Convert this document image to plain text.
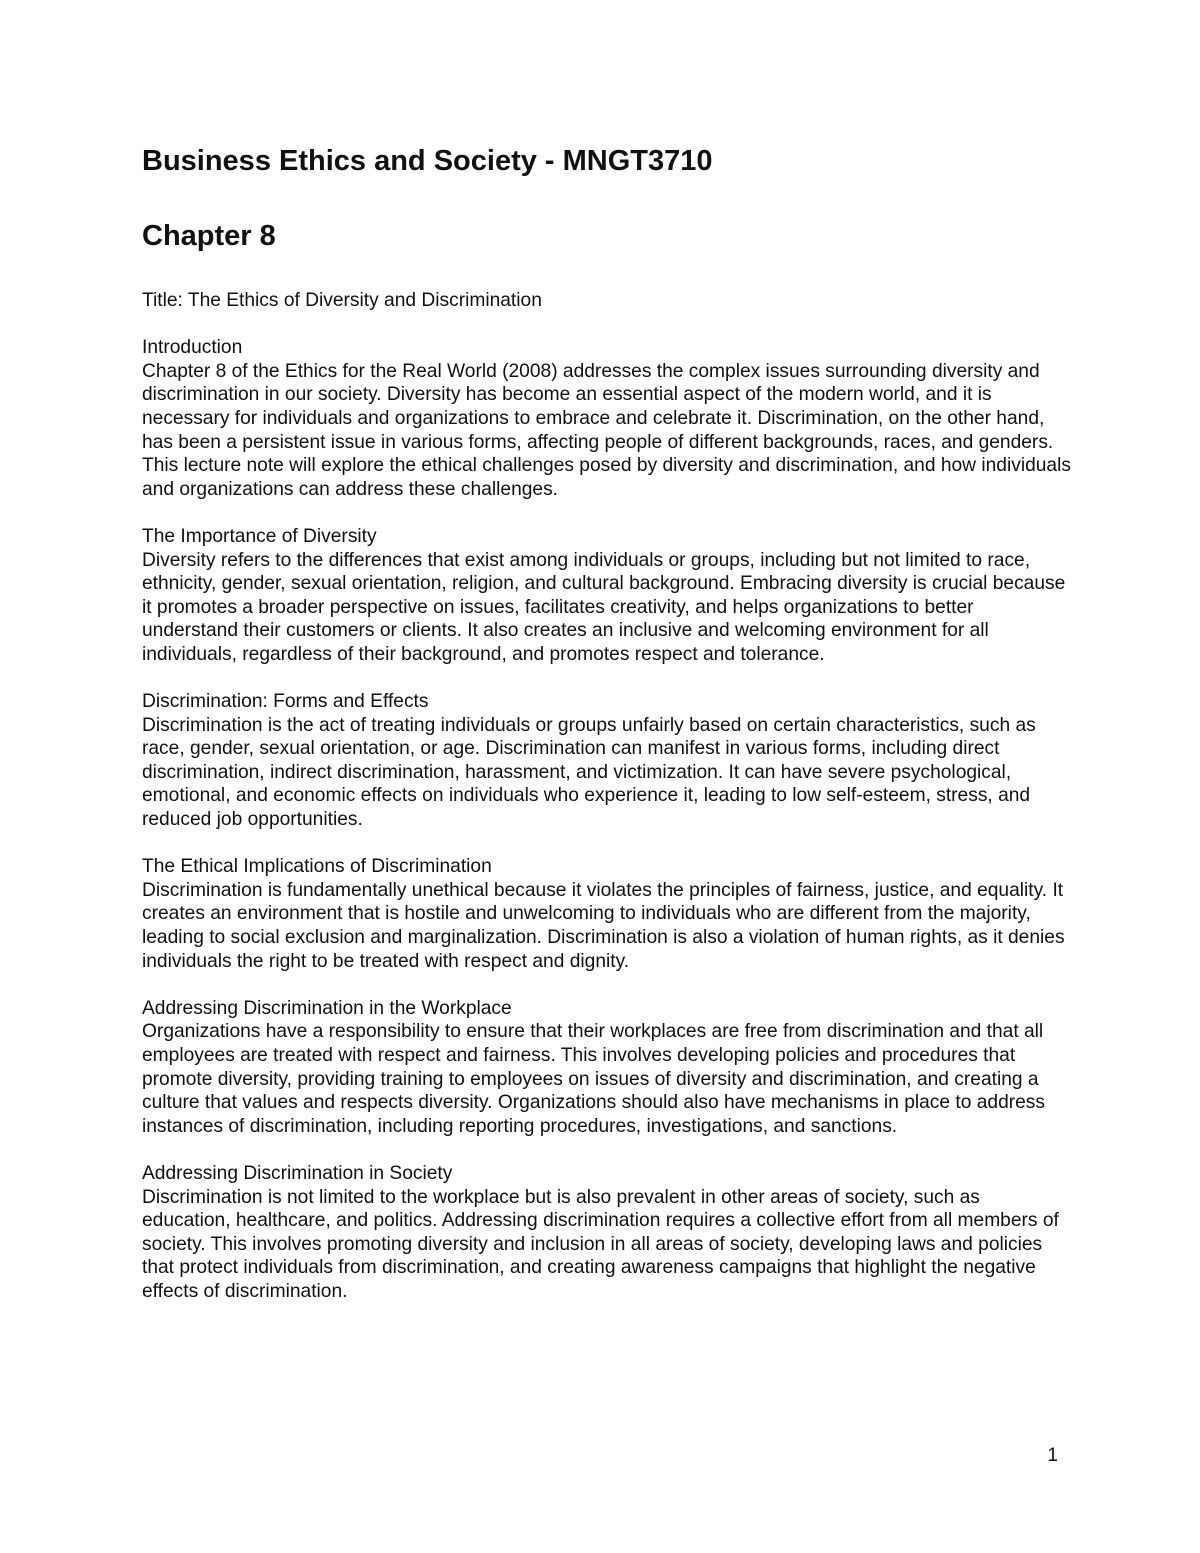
Business Ethics and Society - MNGT3710
Chapter 8

Title: The Ethics of Diversity and Discrimination

Introduction

Chapter 8 of the Ethics for the Real World (2008) addresses the complex issues surrounding diversity and discrimination in our society. Diversity has become an essential aspect of the modern world, and it is necessary for individuals and organizations to embrace and celebrate it. Discrimination, on the other hand, has been a persistent issue in various forms, affecting people of different backgrounds, races, and genders. This lecture note will explore the ethical challenges posed by diversity and discrimination, and how individuals and organizations can address these challenges.

The Importance of Diversity

Diversity refers to the differences that exist among individuals or groups, including but not limited to race, ethnicity, gender, sexual orientation, religion, and cultural background. Embracing diversity is crucial because it promotes a broader perspective on issues, facilitates creativity, and helps organizations to better understand their customers or clients. It also creates an inclusive and welcoming environment for all individuals, regardless of their background, and promotes respect and tolerance.

Discrimination: Forms and Effects

Discrimination is the act of treating individuals or groups unfairly based on certain characteristics, such as race, gender, sexual orientation, or age. Discrimination can manifest in various forms, including direct discrimination, indirect discrimination, harassment, and victimization. It can have severe psychological, emotional, and economic effects on individuals who experience it, leading to low self-esteem, stress, and reduced job opportunities.

The Ethical Implications of Discrimination

Discrimination is fundamentally unethical because it violates the principles of fairness, justice, and equality. It creates an environment that is hostile and unwelcoming to individuals who are different from the majority, leading to social exclusion and marginalization. Discrimination is also a violation of human rights, as it denies individuals the right to be treated with respect and dignity.

Addressing Discrimination in the Workplace

Organizations have a responsibility to ensure that their workplaces are free from discrimination and that all employees are treated with respect and fairness. This involves developing policies and procedures that promote diversity, providing training to employees on issues of diversity and discrimination, and creating a culture that values and respects diversity. Organizations should also have mechanisms in place to address instances of discrimination, including reporting procedures, investigations, and sanctions.

Addressing Discrimination in Society

Discrimination is not limited to the workplace but is also prevalent in other areas of society, such as education, healthcare, and politics. Addressing discrimination requires a collective effort from all members of society. This involves promoting diversity and inclusion in all areas of society, developing laws and policies that protect individuals from discrimination, and creating awareness campaigns that highlight the negative effects of discrimination.

1
